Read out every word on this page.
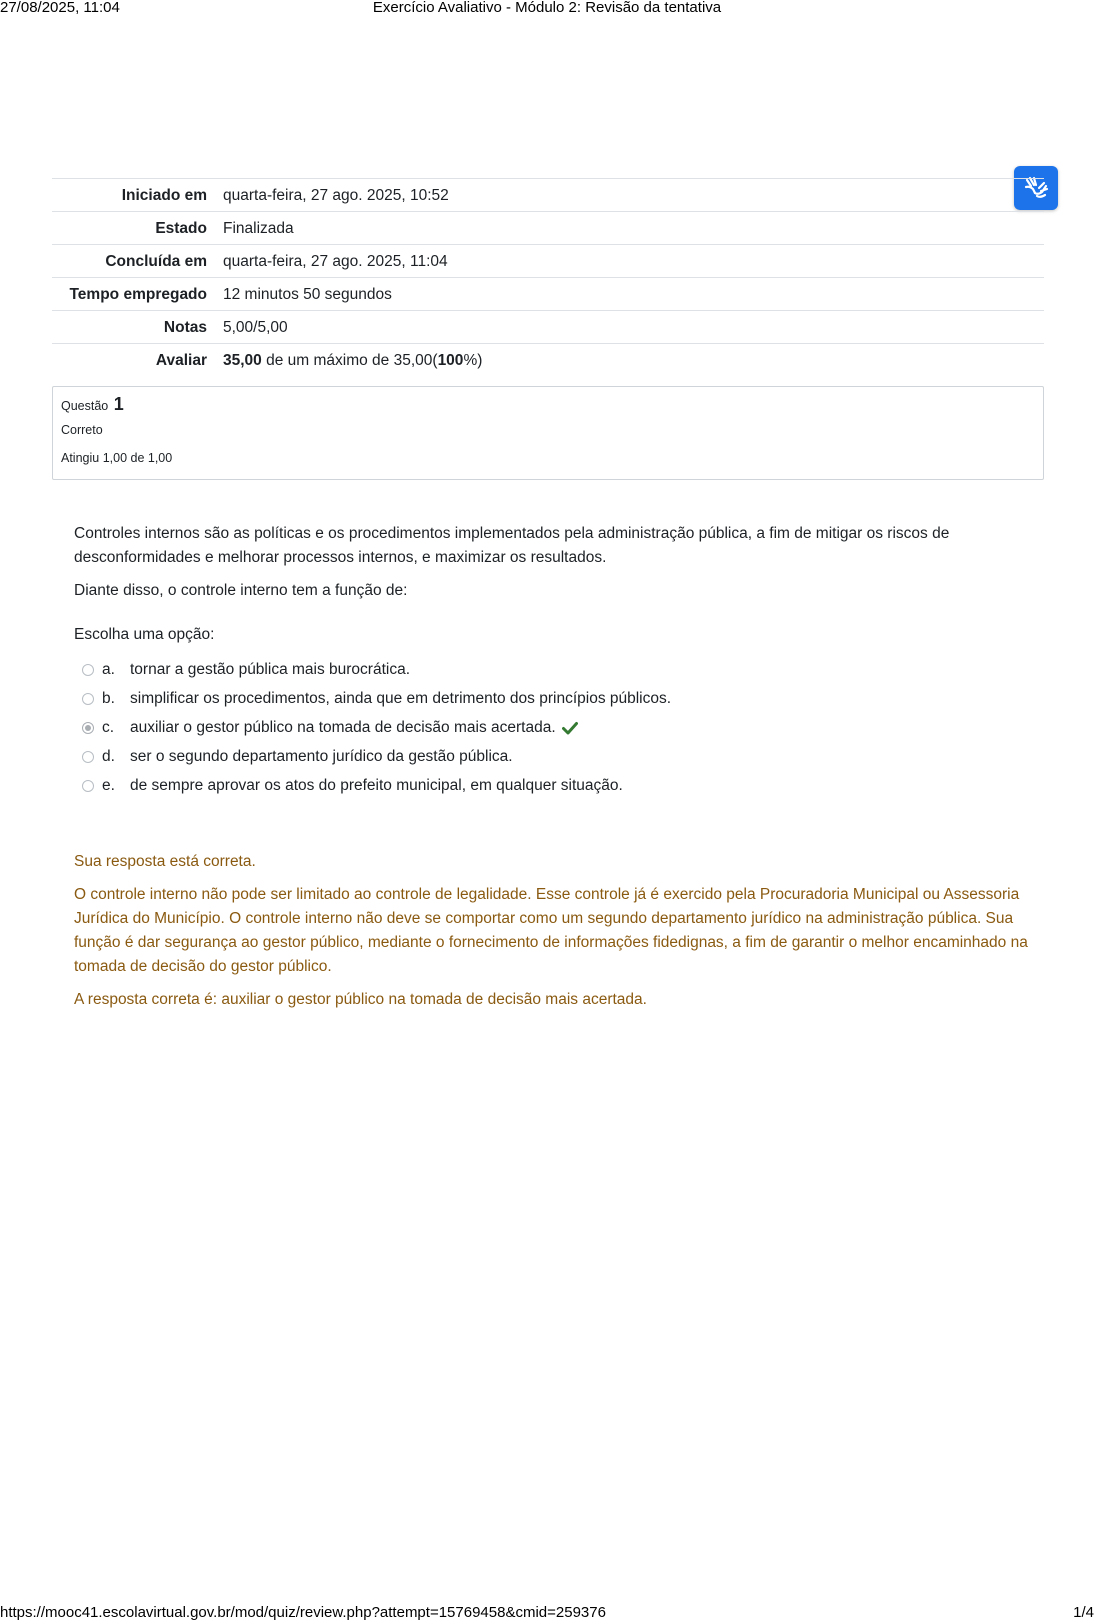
27/08/2025, 11:04	Exercício Avaliativo - Módulo 2: Revisão da tentativa
Iniciado em	quarta-feira, 27 ago. 2025, 10:52
Estado	Finalizada
Concluída em	quarta-feira, 27 ago. 2025, 11:04
Tempo empregado	12 minutos 50 segundos
Notas	5,00/5,00
Avaliar	35,00 de um máximo de 35,00(100%)
Questão 1
Correto
Atingiu 1,00 de 1,00

Controles internos são as políticas e os procedimentos implementados pela administração pública, a fim de mitigar os riscos de desconformidades e melhorar processos internos, e maximizar os resultados.

Diante disso, o controle interno tem a função de:

Escolha uma opção:
a. tornar a gestão pública mais burocrática.
b. simplificar os procedimentos, ainda que em detrimento dos princípios públicos.
c.	auxiliar o gestor público na tomada de decisão mais acertada.
d. ser o segundo departamento jurídico da gestão pública.
e. de sempre aprovar os atos do prefeito municipal, em qualquer situação.

Sua resposta está correta.

O controle interno não pode ser limitado ao controle de legalidade. Esse controle já é exercido pela Procuradoria Municipal ou Assessoria Jurídica do Município. O controle interno não deve se comportar como um segundo departamento jurídico na administração pública. Sua função é dar segurança ao gestor público, mediante o fornecimento de informações fidedignas, a fim de garantir o melhor encaminhado na tomada de decisão do gestor público.

A resposta correta é: auxiliar o gestor público na tomada de decisão mais acertada.

https://mooc41.escolavirtual.gov.br/mod/quiz/review.php?attempt=15769458&cmid=259376	1/4
